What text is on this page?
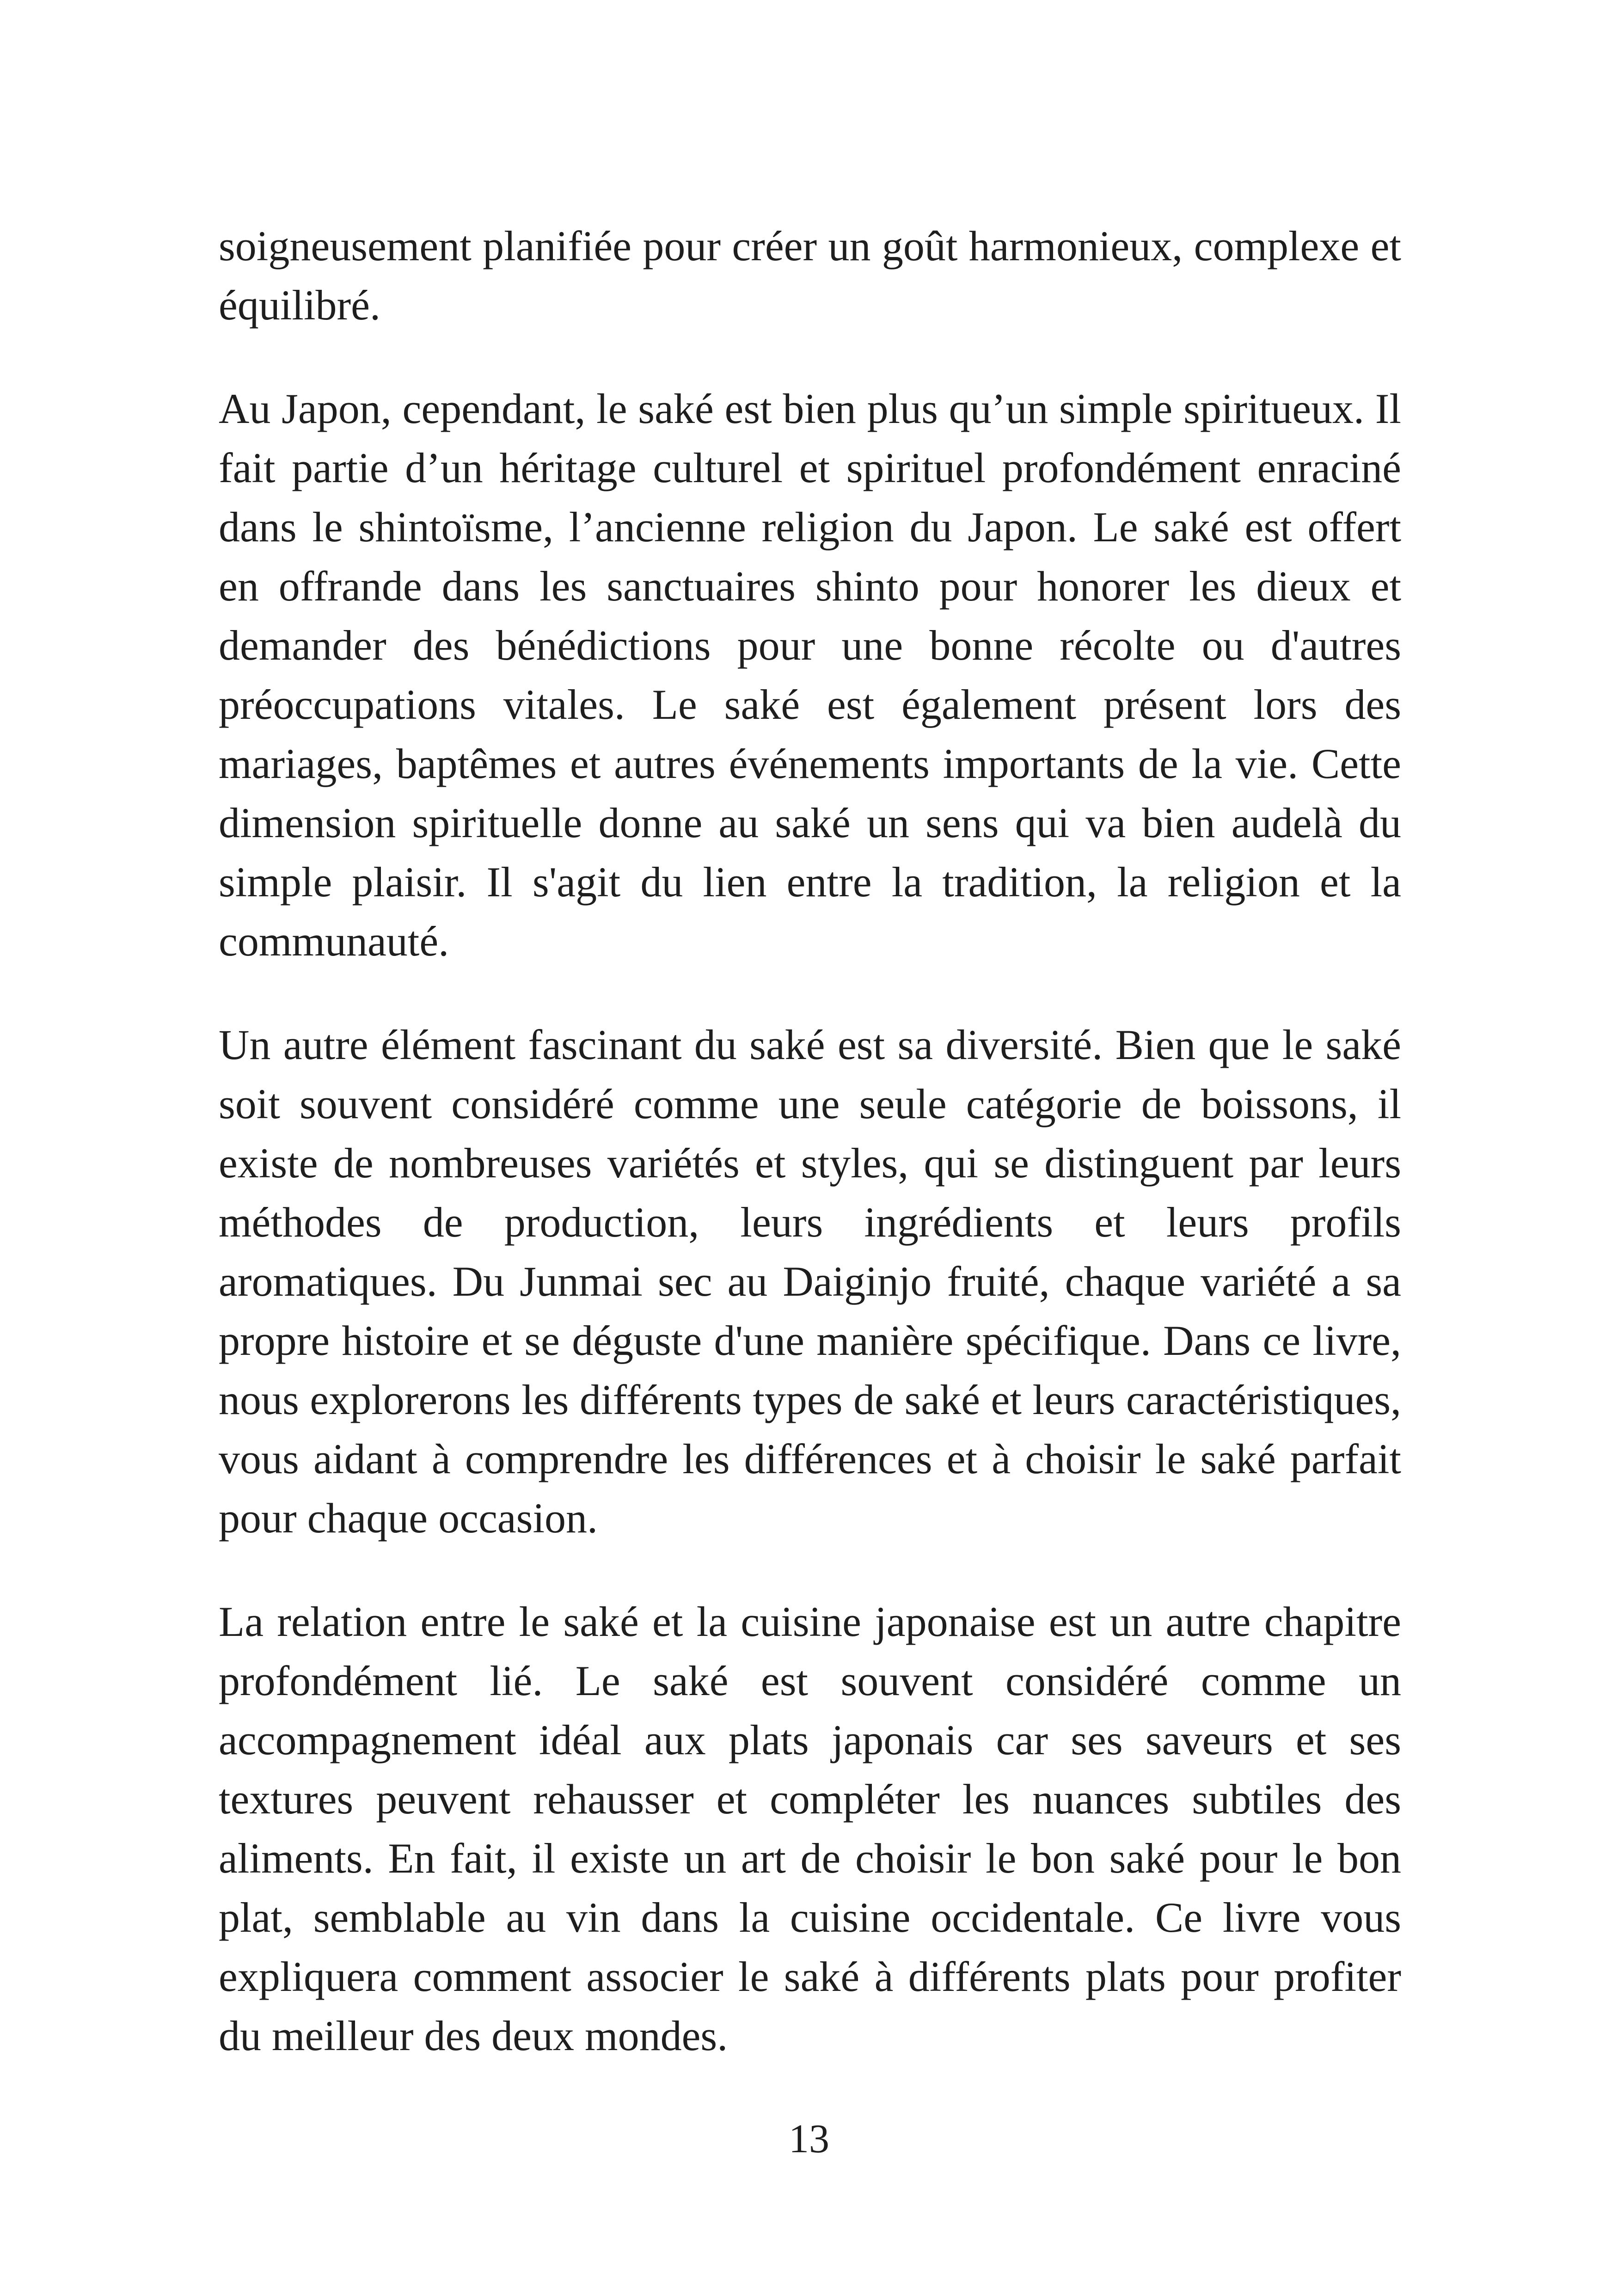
soigneusement planifiée pour créer un goût harmonieux, complexe et équilibré.

Au Japon, cependant, le saké est bien plus qu’un simple spiritueux. Il fait partie d’un héritage culturel et spirituel profondément enraciné dans le shintoïsme, l’ancienne religion du Japon. Le saké est offert en offrande dans les sanctuaires shinto pour honorer les dieux et demander des bénédictions pour une bonne récolte ou d'autres préoccupations vitales. Le saké est également présent lors des mariages, baptêmes et autres événements importants de la vie. Cette dimension spirituelle donne au saké un sens qui va bien audelà du simple plaisir. Il s'agit du lien entre la tradition, la religion et la communauté.

Un autre élément fascinant du saké est sa diversité. Bien que le saké soit souvent considéré comme une seule catégorie de boissons, il existe de nombreuses variétés et styles, qui se distinguent par leurs méthodes de production, leurs ingrédients et leurs profils aromatiques. Du Junmai sec au Daiginjo fruité, chaque variété a sa propre histoire et se déguste d'une manière spécifique. Dans ce livre, nous explorerons les différents types de saké et leurs caractéristiques, vous aidant à comprendre les différences et à choisir le saké parfait pour chaque occasion.

La relation entre le saké et la cuisine japonaise est un autre chapitre profondément lié. Le saké est souvent considéré comme un accompagnement idéal aux plats japonais car ses saveurs et ses textures peuvent rehausser et compléter les nuances subtiles des aliments. En fait, il existe un art de choisir le bon saké pour le bon plat, semblable au vin dans la cuisine occidentale. Ce livre vous expliquera comment associer le saké à différents plats pour profiter du meilleur des deux mondes.

13
